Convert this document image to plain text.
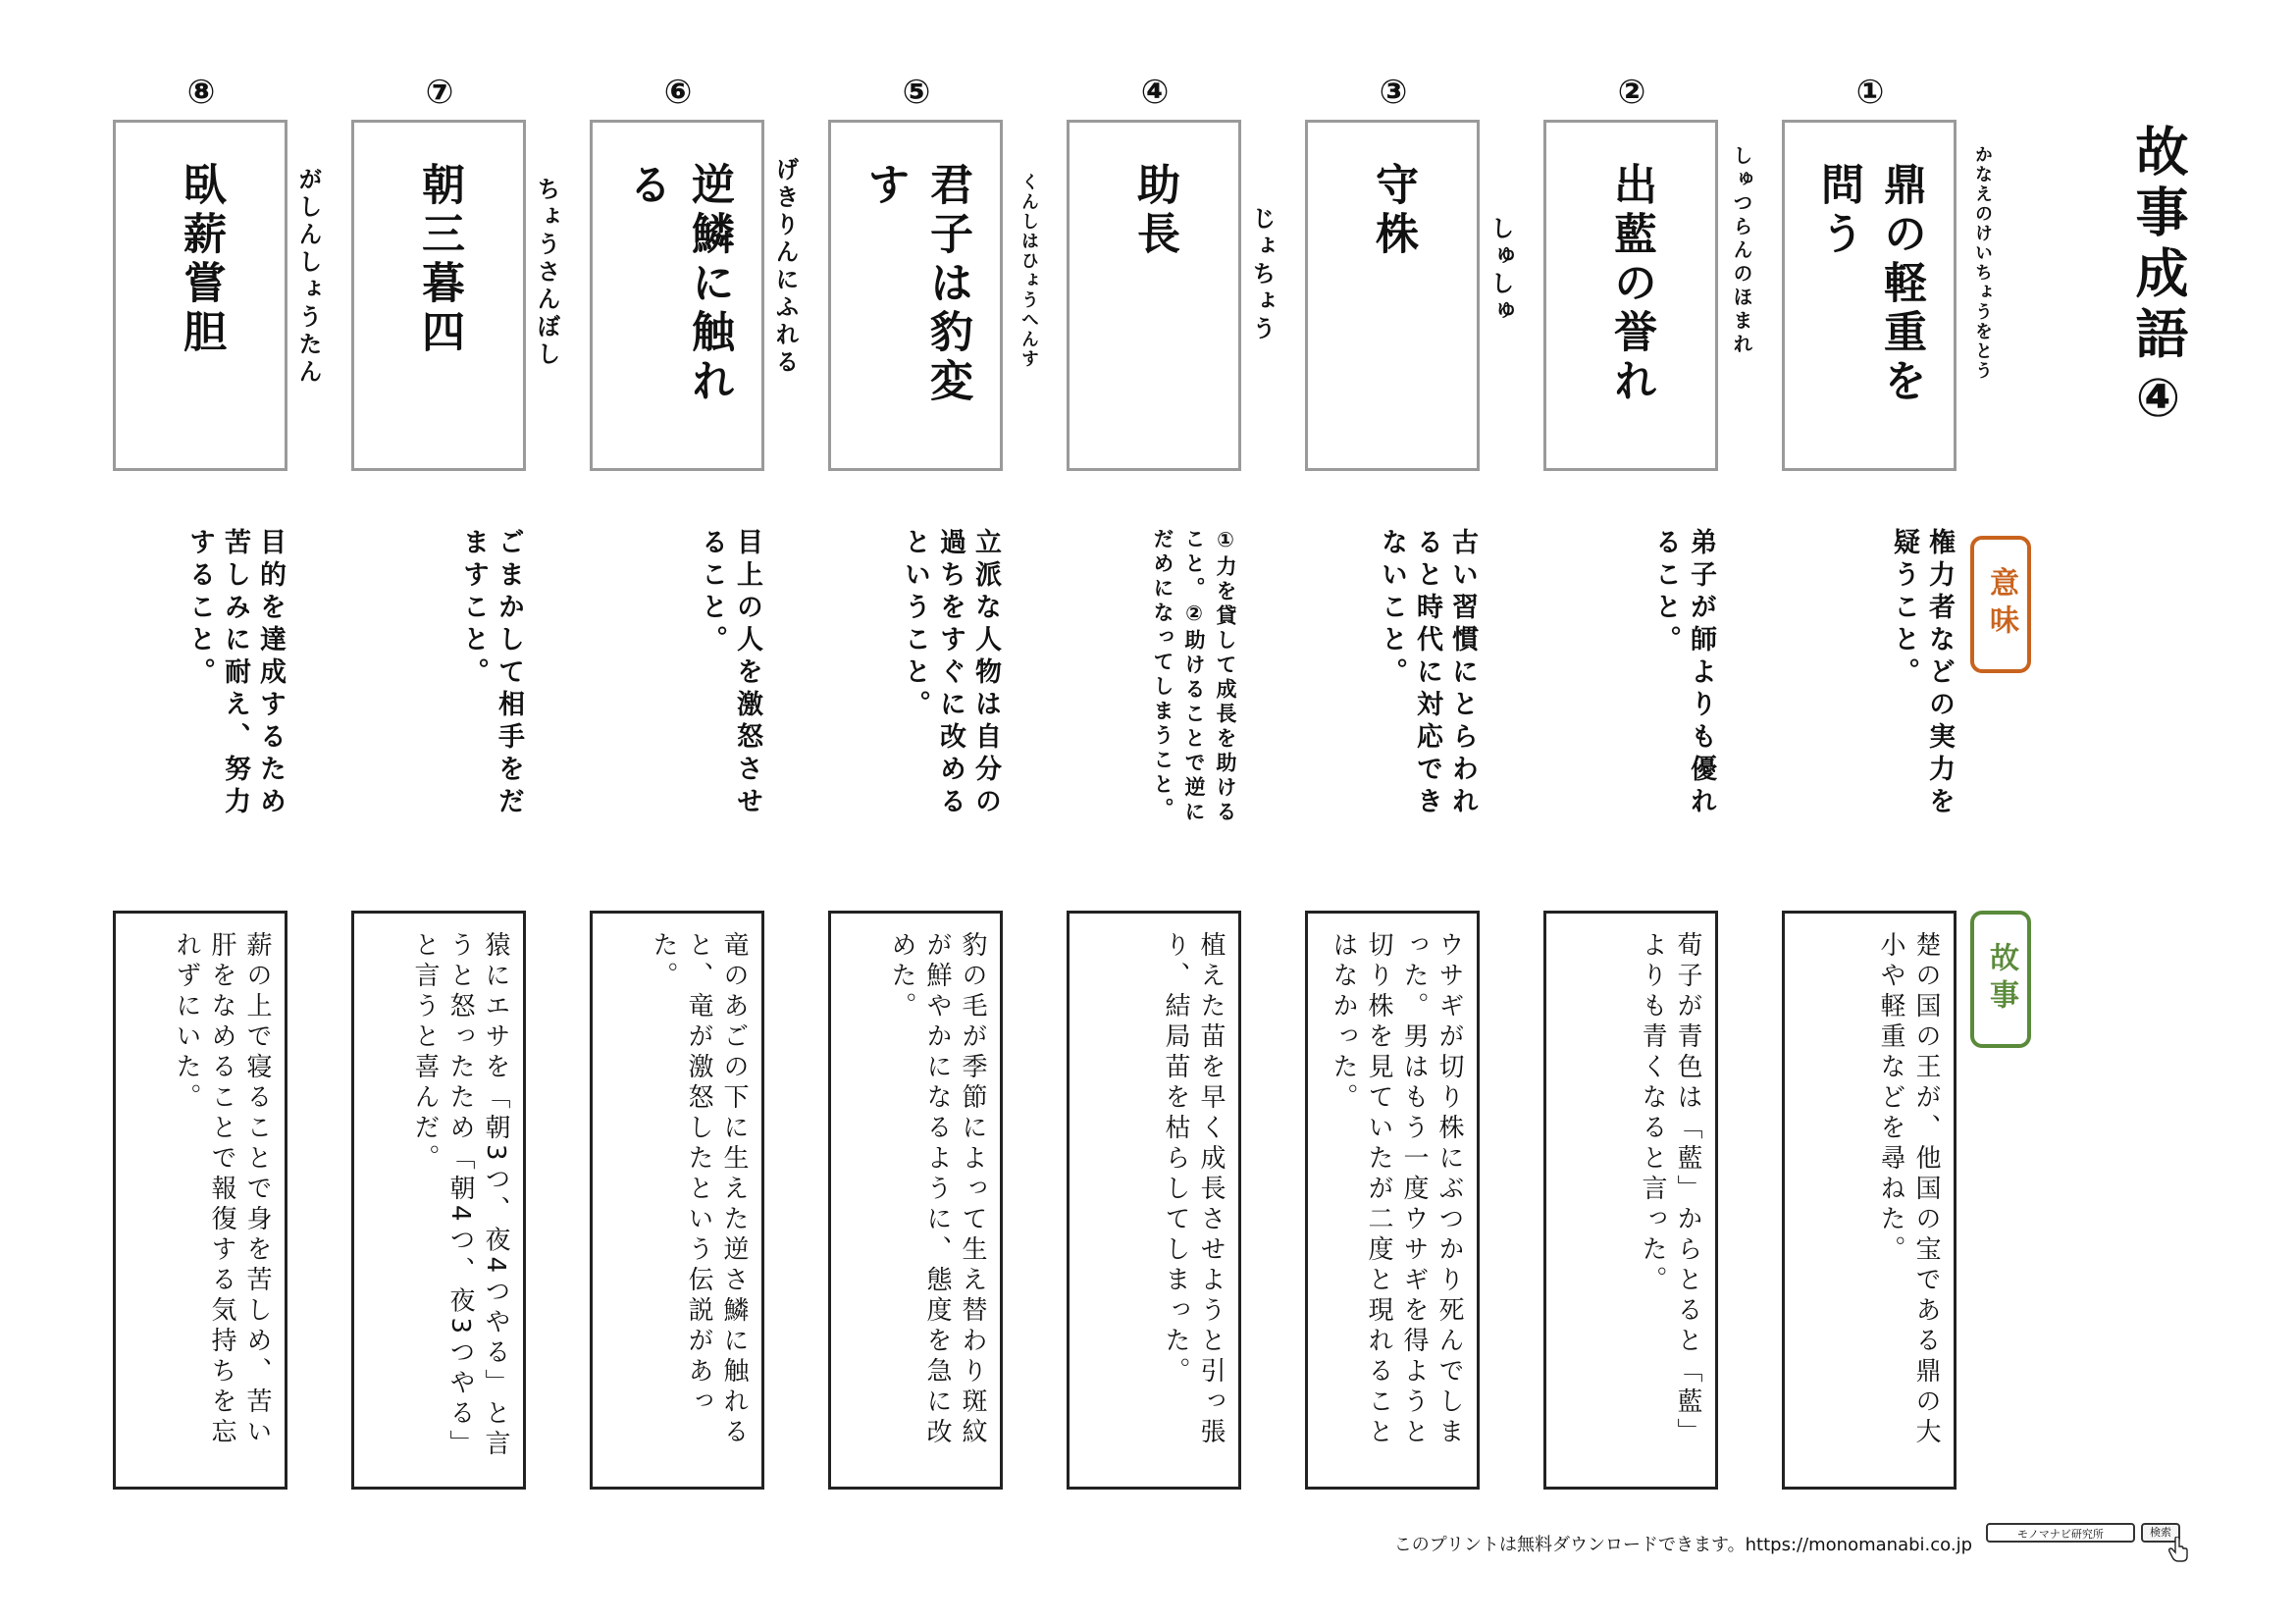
故事成語④
意味
故事
①
鼎の軽重を問う	かなえのけいちょうをとう
権力者などの実力を疑うこと。
楚の国の王が、他国の宝である鼎の大小や軽重などを尋ねた。
②
出藍の誉れ	しゅつらんのほまれ
弟子が師よりも優れること。
荀子が青色は「藍」からとると「藍」よりも青くなると言った。
③
守株
しゅしゅ
古い習慣にとらわれると時代に対応できないこと。
ウサギが切り株にぶつかり死んでしまった。男はもう一度ウサギを得ようと切り株を見ていたが二度と現れることはなかった。
④
助長	じょちょう
①力を貸して成長を助けること。②助けることで逆にだめになってしまうこと。
植えた苗を早く成長させようと引っ張り、結局苗を枯らしてしまった。
⑤
君子は豹変す	くんしはひょうへんす
立派な人物は自分の過ちをすぐに改めるということ。
豹の毛が季節によって生え替わり斑紋が鮮やかになるように、態度を急に改めた。
⑥
逆鱗に触れる	げきりんにふれる
目上の人を激怒させること。
竜のあごの下に生えた逆さ鱗に触れると、竜が激怒したという伝説があった。
⑦
朝三暮四	ちょうさんぼし
ごまかして相手をだますこと。
猿にエサを「朝3つ、夜4つやる」と言うと怒ったため「朝4つ、夜3つやる」と言うと喜んだ。
⑧
臥薪嘗胆	がしんしょうたん
目的を達成するため苦しみに耐え、努力すること。
薪の上で寝ることで身を苦しめ、苦い肝をなめることで報復する気持ちを忘れずにいた。
このプリントは無料ダウンロードできます。https://monomanabi.co.jp
モノマナビ研究所	検索
